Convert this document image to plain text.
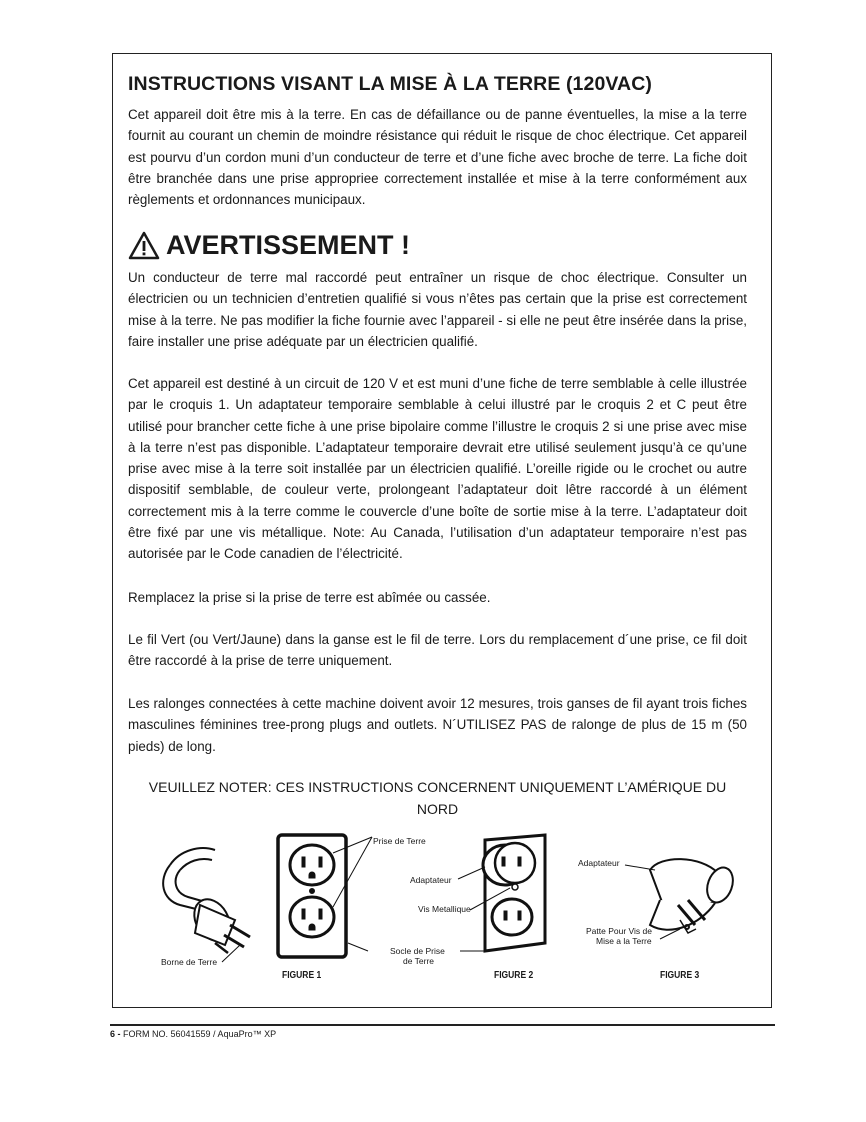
INSTRUCTIONS VISANT LA MISE À LA TERRE (120VAC)

Cet appareil doit être mis à la terre. En cas de défaillance ou de panne éventuelles, la mise a la terre fournit au courant un chemin de moindre résistance qui réduit le risque de choc électrique. Cet appareil est pourvu d’un cordon muni d’un conducteur de terre et d’une fiche avec broche de terre. La fiche doit être branchée dans une prise appropriee correctement installée et mise à la terre conformément aux règlements et ordonnances municipaux.

AVERTISSEMENT !

Un conducteur de terre mal raccordé peut entraîner un risque de choc électrique. Consulter un électricien ou un technicien d’entretien qualifié si vous n’êtes pas certain que la prise est correctement mise à la terre. Ne pas modifier la fiche fournie avec l’appareil - si elle ne peut être insérée dans la prise, faire installer une prise adéquate par un électricien qualifié.

Cet appareil est destiné à un circuit de 120 V et est muni d’une fiche de terre semblable à celle illustrée par le croquis 1. Un adaptateur temporaire semblable à celui illustré par le croquis 2 et C peut être utilisé pour brancher cette fiche à une prise bipolaire comme l’illustre le croquis 2 si une prise avec mise à la terre n’est pas disponible. L’adaptateur temporaire devrait etre utilisé seulement jusqu’à ce qu’une prise avec mise à la terre soit installée par un électricien qualifié. L’oreille rigide ou le crochet ou autre dispositif semblable, de couleur verte, prolongeant l’adaptateur doit lêtre raccordé à un élément correctement mis à la terre comme le couvercle d’une boîte de sortie mise à la terre. L’adaptateur doit être fixé par une vis métallique. Note: Au Canada, l’utilisation d’un adaptateur temporaire n’est pas autorisée par le Code canadien de l’électricité.

Remplacez la prise si la prise de terre est abîmée ou cassée.

Le fil Vert (ou Vert/Jaune) dans la ganse est le fil de terre. Lors du remplacement d´une prise, ce fil doit être raccordé à la prise de terre uniquement.

Les ralonges connectées à cette machine doivent avoir 12 mesures, trois ganses de fil ayant trois fiches masculines féminines tree-prong plugs and outlets. N´UTILISEZ PAS de ralonge de plus de 15 m (50 pieds) de long.

VEUILLEZ NOTER: CES INSTRUCTIONS CONCERNENT UNIQUEMENT L’AMÉRIQUE DU NORD
Borne de Terre
Prise de Terre
Socle de Prise
de Terre
Adaptateur
Vis Metallique
Adaptateur
Patte Pour Vis de
Mise a la Terre
FIGURE 1	FIGURE 2	FIGURE 3
6 - FORM NO. 56041559 / AquaPro™ XP
